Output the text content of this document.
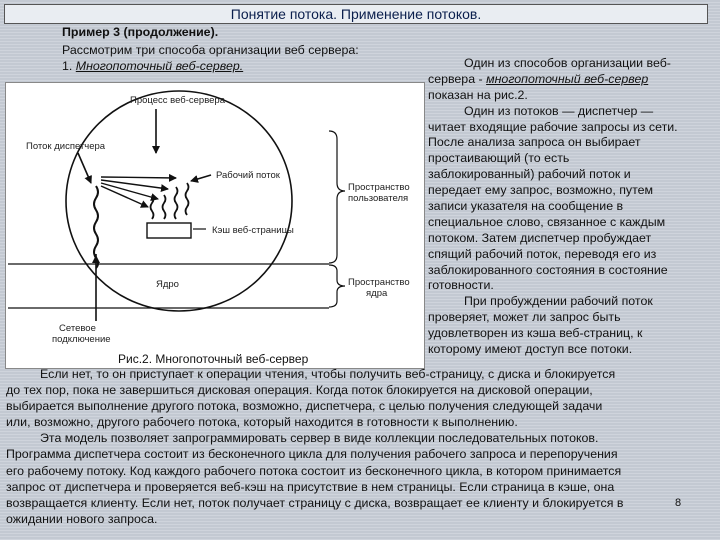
Понятие потока. Применение потоков.
Пример 3 (продолжение).
Рассмотрим три способа организации веб сервера:
1. Многопоточный веб-сервер.
Процесс веб-сервера
Поток диспетчера
Рабочий поток
Кэш веб-страницы
Пространство
пользователя
Ядро	Пространство
ядра
Сетевое
подключение
Рис.2. Многопоточный веб-сервер
Один из способов организации веб-
сервера - многопоточный веб-сервер
показан на рис.2.
Один из потоков — диспетчер —
читает входящие рабочие запросы из сети.
После анализа запроса он выбирает
простаивающий (то есть
заблокированный) рабочий поток и
передает ему запрос, возможно, путем
записи указателя на сообщение в
специальное слово, связанное с каждым
потоком. Затем диспетчер пробуждает
спящий рабочий поток, переводя его из
заблокированного состояния в состояние
готовности.
При пробуждении рабочий поток
проверяет, может ли запрос быть
удовлетворен из кэша веб-страниц, к
которому имеют доступ все потоки.
Если нет, то он приступает к операции чтения, чтобы получить веб-страницу, с диска и блокируется
до тех пор, пока не завершиться дисковая операция. Когда поток блокируется на дисковой операции,
выбирается выполнение другого потока, возможно, диспетчера, с целью получения следующей задачи
или, возможно, другого рабочего потока, который находится в готовности к выполнению.
Эта модель позволяет запрограммировать сервер в виде коллекции последовательных потоков.
Программа диспетчера состоит из бесконечного цикла для получения рабочего запроса и перепоручения
его рабочему потоку. Код каждого рабочего потока состоит из бесконечного цикла, в котором принимается
запрос от диспетчера и проверяется веб-кэш на присутствие в нем страницы. Если страница в кэше, она
возвращается клиенту. Если нет, поток получает страницу с диска, возвращает ее клиенту и блокируется в
ожидании нового запроса.
8
